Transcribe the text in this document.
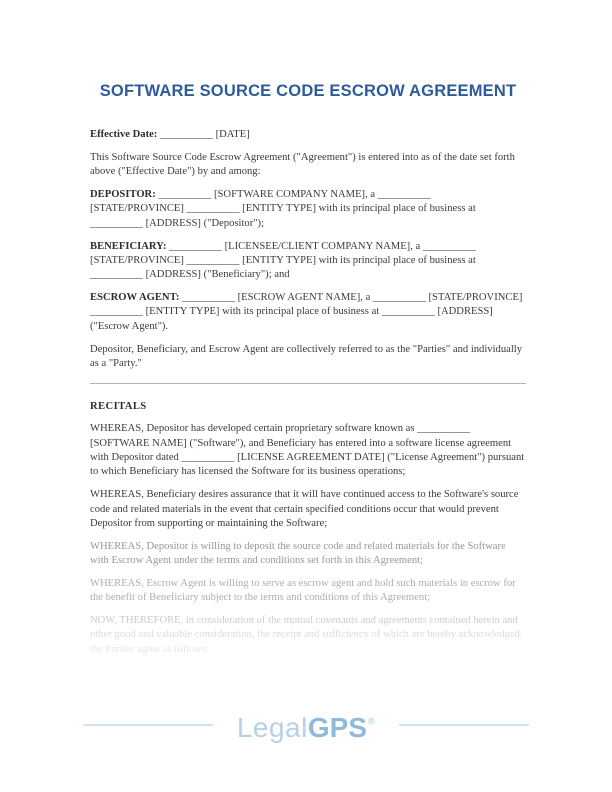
SOFTWARE SOURCE CODE ESCROW AGREEMENT

Effective Date: __________ [DATE]

This Software Source Code Escrow Agreement ("Agreement") is entered into as of the date set forth above ("Effective Date") by and among:

DEPOSITOR: __________ [SOFTWARE COMPANY NAME], a __________ [STATE/PROVINCE] __________ [ENTITY TYPE] with its principal place of business at __________ [ADDRESS] ("Depositor");

BENEFICIARY: __________ [LICENSEE/CLIENT COMPANY NAME], a __________ [STATE/PROVINCE] __________ [ENTITY TYPE] with its principal place of business at __________ [ADDRESS] ("Beneficiary"); and

ESCROW AGENT: __________ [ESCROW AGENT NAME], a __________ [STATE/PROVINCE] __________ [ENTITY TYPE] with its principal place of business at __________ [ADDRESS] ("Escrow Agent").

Depositor, Beneficiary, and Escrow Agent are collectively referred to as the "Parties" and individually as a "Party."

RECITALS

WHEREAS, Depositor has developed certain proprietary software known as __________ [SOFTWARE NAME] ("Software"), and Beneficiary has entered into a software license agreement with Depositor dated __________ [LICENSE AGREEMENT DATE] ("License Agreement") pursuant to which Beneficiary has licensed the Software for its business operations;

WHEREAS, Beneficiary desires assurance that it will have continued access to the Software's source code and related materials in the event that certain specified conditions occur that would prevent Depositor from supporting or maintaining the Software;

WHEREAS, Depositor is willing to deposit the source code and related materials for the Software with Escrow Agent under the terms and conditions set forth in this Agreement;

WHEREAS, Escrow Agent is willing to serve as escrow agent and hold such materials in escrow for the benefit of Beneficiary subject to the terms and conditions of this Agreement;

NOW, THEREFORE, in consideration of the mutual covenants and agreements contained herein and other good and valuable consideration, the receipt and sufficiency of which are hereby acknowledged, the Parties agree as follows:

LegalGPS®
